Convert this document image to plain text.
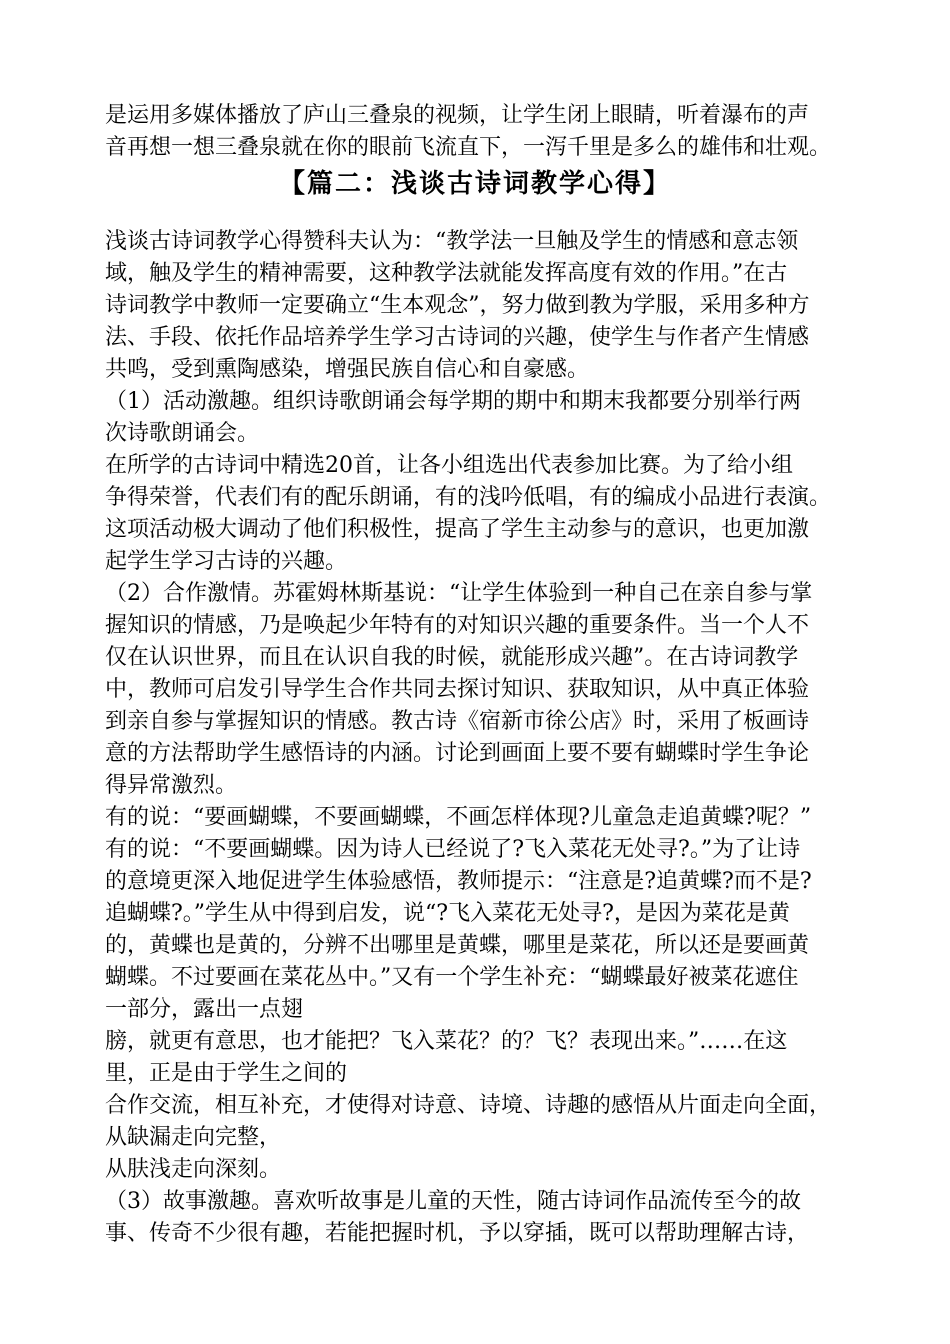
是运用多媒体播放了庐山三叠泉的视频，让学生闭上眼睛，听着瀑布的声
音再想一想三叠泉就在你的眼前飞流直下，一泻千里是多么的雄伟和壮观。
【篇二：浅谈古诗词教学心得】
浅谈古诗词教学心得赞科夫认为：“教学法一旦触及学生的情感和意志领
域，触及学生的精神需要，这种教学法就能发挥高度有效的作用。”在古
诗词教学中教师一定要确立“生本观念”，努力做到教为学服，采用多种方
法、手段、依托作品培养学生学习古诗词的兴趣，使学生与作者产生情感
共鸣，受到熏陶感染，增强民族自信心和自豪感。
（1）活动激趣。组织诗歌朗诵会每学期的期中和期末我都要分别举行两
次诗歌朗诵会。
在所学的古诗词中精选20首，让各小组选出代表参加比赛。为了给小组
争得荣誉，代表们有的配乐朗诵，有的浅吟低唱，有的编成小品进行表演。
这项活动极大调动了他们积极性，提高了学生主动参与的意识，也更加激
起学生学习古诗的兴趣。
（2）合作激情。苏霍姆林斯基说：“让学生体验到一种自己在亲自参与掌
握知识的情感，乃是唤起少年特有的对知识兴趣的重要条件。当一个人不
仅在认识世界，而且在认识自我的时候，就能形成兴趣”。在古诗词教学
中，教师可启发引导学生合作共同去探讨知识、获取知识，从中真正体验
到亲自参与掌握知识的情感。教古诗《宿新市徐公店》时，采用了板画诗
意的方法帮助学生感悟诗的内涵。讨论到画面上要不要有蝴蝶时学生争论
得异常激烈。
有的说：“要画蝴蝶，不要画蝴蝶，不画怎样体现?儿童急走追黄蝶?呢？”
有的说：“不要画蝴蝶。因为诗人已经说了?飞入菜花无处寻?。”为了让诗
的意境更深入地促进学生体验感悟，教师提示：“注意是?追黄蝶?而不是?
追蝴蝶?。”学生从中得到启发，说“?飞入菜花无处寻?，是因为菜花是黄
的，黄蝶也是黄的，分辨不出哪里是黄蝶，哪里是菜花，所以还是要画黄
蝴蝶。不过要画在菜花丛中。”又有一个学生补充：“蝴蝶最好被菜花遮住
一部分，露出一点翅
膀，就更有意思，也才能把？飞入菜花？的？飞？表现出来。”……在这
里，正是由于学生之间的
合作交流，相互补充，才使得对诗意、诗境、诗趣的感悟从片面走向全面，
从缺漏走向完整，
从肤浅走向深刻。
（3）故事激趣。喜欢听故事是儿童的天性，随古诗词作品流传至今的故
事、传奇不少很有趣，若能把握时机，予以穿插，既可以帮助理解古诗，
